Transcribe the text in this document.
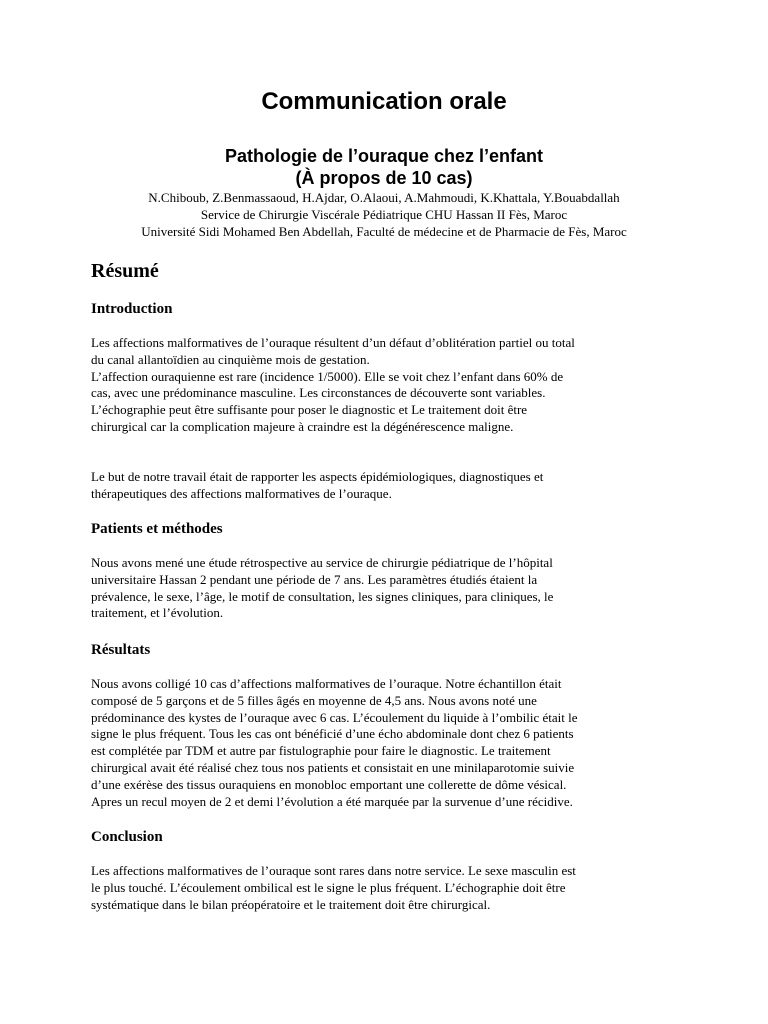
Communication orale
Pathologie de l’ouraque chez l’enfant
(À propos de 10 cas)

N.Chiboub, Z.Benmassaoud, H.Ajdar, O.Alaoui, A.Mahmoudi, K.Khattala, Y.Bouabdallah

Service de Chirurgie Viscérale Pédiatrique CHU Hassan II Fès, Maroc

Université Sidi Mohamed Ben Abdellah, Faculté de médecine et de Pharmacie de Fès, Maroc

Résumé
Introduction
Les affections malformatives de l’ouraque résultent d’un défaut d’oblitération partiel ou total
du canal allantoïdien au cinquième mois de gestation.
L’affection ouraquienne est rare (incidence 1/5000). Elle se voit chez l’enfant dans 60% de
cas, avec une prédominance masculine. Les circonstances de découverte sont variables.
L’échographie peut être suffisante pour poser le diagnostic et Le traitement doit être
chirurgical car la complication majeure à craindre est la dégénérescence maligne.
Le but de notre travail était de rapporter les aspects épidémiologiques, diagnostiques et
thérapeutiques des affections malformatives de l’ouraque.
Patients et méthodes
Nous avons mené une étude rétrospective au service de chirurgie pédiatrique de l’hôpital
universitaire Hassan 2 pendant une période de 7 ans. Les paramètres étudiés étaient la
prévalence, le sexe, l’âge, le motif de consultation, les signes cliniques, para cliniques, le
traitement, et l’évolution.
Résultats
Nous avons colligé 10 cas d’affections malformatives de l’ouraque. Notre échantillon était
composé de 5 garçons et de 5 filles âgés en moyenne de 4,5 ans. Nous avons noté une
prédominance des kystes de l’ouraque avec 6 cas. L’écoulement du liquide à l’ombilic était le
signe le plus fréquent. Tous les cas ont bénéficié d’une écho abdominale dont chez 6 patients
est complétée par TDM et autre par fistulographie pour faire le diagnostic. Le traitement
chirurgical avait été réalisé chez tous nos patients et consistait en une minilaparotomie suivie
d’une exérèse des tissus ouraquiens en monobloc emportant une collerette de dôme vésical.
Apres un recul moyen de 2 et demi l’évolution a été marquée par la survenue d’une récidive.
Conclusion
Les affections malformatives de l’ouraque sont rares dans notre service. Le sexe masculin est
le plus touché. L’écoulement ombilical est le signe le plus fréquent. L’échographie doit être
systématique dans le bilan préopératoire et le traitement doit être chirurgical.
